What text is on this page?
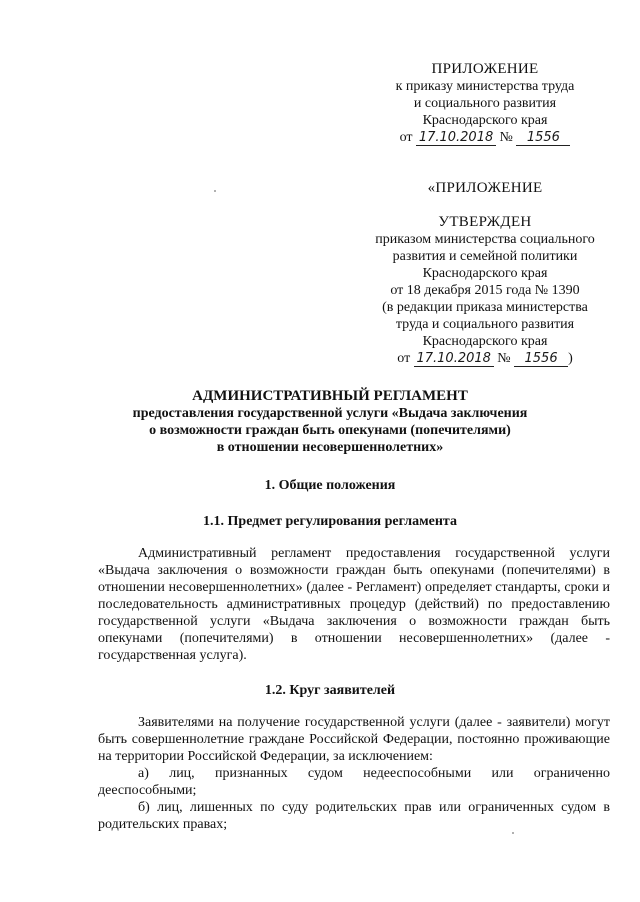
ПРИЛОЖЕНИЕ
к приказу министерства труда
и социального развития
Краснодарского края
от 17.10.2018 № 1556
«ПРИЛОЖЕНИЕ
УТВЕРЖДЕН
приказом министерства социального
развития и семейной политики
Краснодарского края
от 18 декабря 2015 года № 1390
(в редакции приказа министерства
труда и социального развития
Краснодарского края
от 17.10.2018 № 1556 )
АДМИНИСТРАТИВНЫЙ РЕГЛАМЕНТ
предоставления государственной услуги «Выдача заключения
о возможности граждан быть опекунами (попечителями)
в отношении несовершеннолетних»
1. Общие положения
1.1. Предмет регулирования регламента
Административный регламент предоставления государственной услуги «Выдача заключения о возможности граждан быть опекунами (попечителями) в отношении несовершеннолетних» (далее - Регламент) определяет стандарты, сроки и последовательность административных процедур (действий) по предоставлению государственной услуги «Выдача заключения о возможности граждан быть опекунами (попечителями) в отношении несовершеннолетних» (далее - государственная услуга).
1.2. Круг заявителей
Заявителями на получение государственной услуги (далее - заявители) могут быть совершеннолетние граждане Российской Федерации, постоянно проживающие на территории Российской Федерации, за исключением:
а) лиц, признанных судом недееспособными или ограниченно дееспособными;
б) лиц, лишенных по суду родительских прав или ограниченных судом в родительских правах;
